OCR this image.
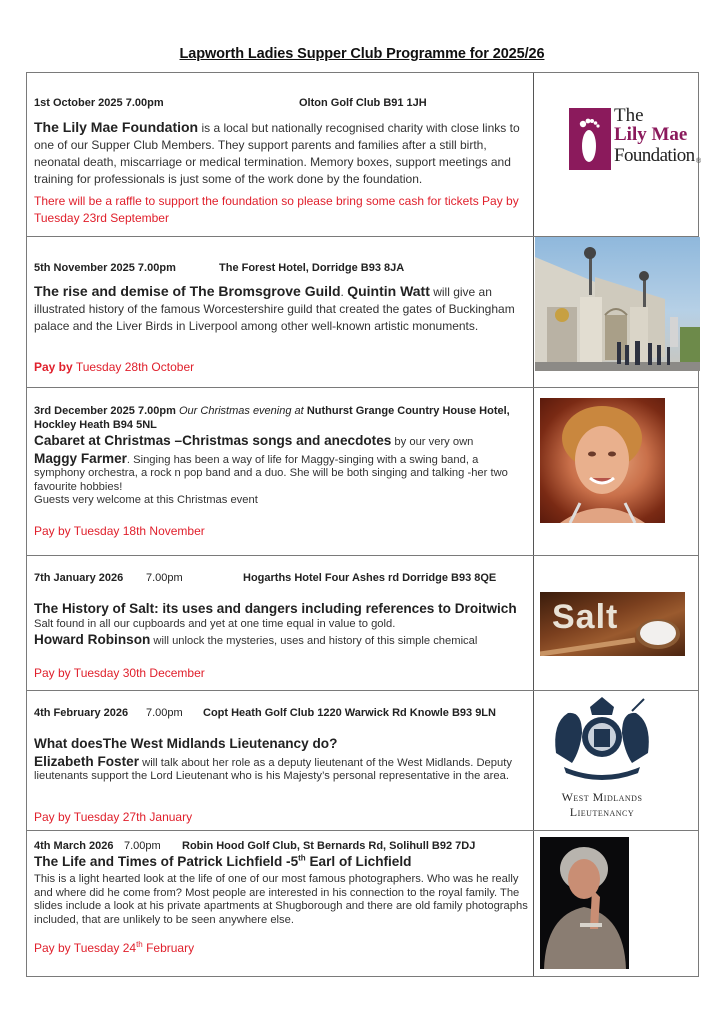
Lapworth Ladies Supper Club Programme for 2025/26
1st October 2025 7.00pm	Olton Golf Club B91 1JH
The Lily Mae Foundation is a local but nationally recognised charity with close links to one of our Supper Club Members. They support parents and families after a still birth, neonatal death, miscarriage or medical termination. Memory boxes, support meetings and training for professionals is just some of the work done by the foundation.
There will be a raffle to support the foundation so please bring some cash for tickets Pay by Tuesday 23rd September
The
Lily Mae
Foundation ®
5th November 2025 7.00pm	The Forest Hotel, Dorridge B93 8JA
The rise and demise of The Bromsgrove Guild. Quintin Watt will give an illustrated history of the famous Worcestershire guild that created the gates of Buckingham palace and the Liver Birds in Liverpool among other well-known artistic monuments.
Pay by Tuesday 28th October
3rd December 2025 7.00pm Our Christmas evening at Nuthurst Grange Country House Hotel, Hockley Heath B94 5NL
Cabaret at Christmas –Christmas songs and anecdotes by our very own
Maggy Farmer. Singing has been a way of life for Maggy-singing with a swing band, a symphony orchestra, a rock n pop band and a duo. She will be both singing and talking -her two favourite hobbies!
Guests very welcome at this Christmas event
Pay by Tuesday 18th November
7th January 2026 7.00pm	Hogarths Hotel Four Ashes rd Dorridge B93 8QE
The History of Salt: its uses and dangers including references to Droitwich Salt found in all our cupboards and yet at one time equal in value to gold.
Howard Robinson will unlock the mysteries, uses and history of this simple chemical
Pay by Tuesday 30th December
Salt
4th February 2026 7.00pm Copt Heath Golf Club 1220 Warwick Rd Knowle B93 9LN
What doesThe West Midlands Lieutenancy do?
Elizabeth Foster will talk about her role as a deputy lieutenant of the West Midlands. Deputy lieutenants support the Lord Lieutenant who is his Majesty’s personal representative in the area.
Pay by Tuesday 27th January
West Midlands
Lieutenancy
4th March 2026 7.00pm Robin Hood Golf Club, St Bernards Rd, Solihull B92 7DJ
The Life and Times of Patrick Lichfield -5th Earl of Lichfield
This is a light hearted look at the life of one of our most famous photographers. Who was he really and where did he come from? Most people are interested in his connection to the royal family. The slides include a look at his private apartments at Shugborough and there are old family photographs included, that are unlikely to be seen anywhere else.
Pay by Tuesday 24th February
